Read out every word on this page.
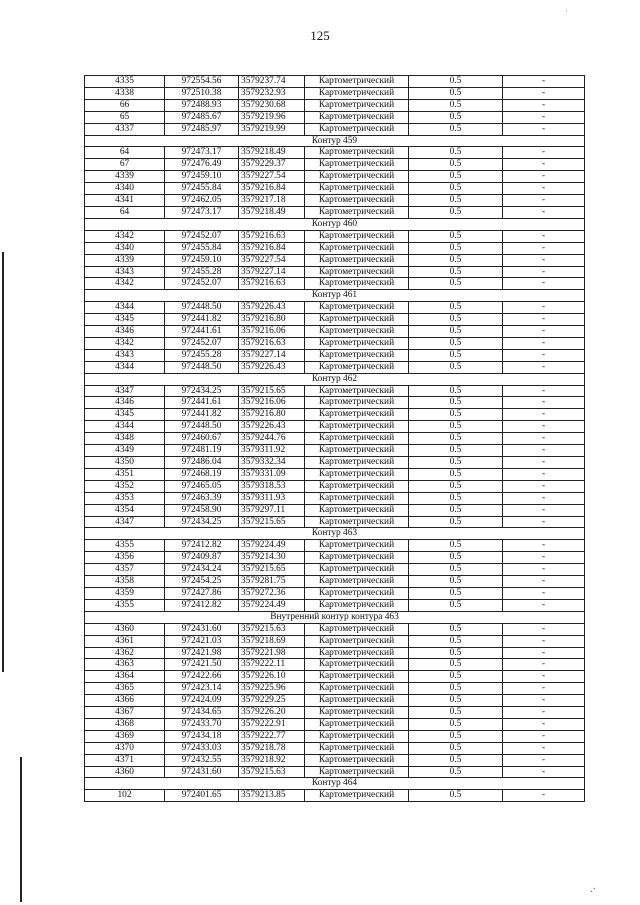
·
125
4335	972554.56	3579237.74	Картометрический	0.5	-
4338	972510.38	3579232.93	Картометрический	0.5	-
66	972488.93	3579230.68	Картометрический	0.5	-
65	972485.67	3579219.96	Картометрический	0.5	-
4337	972485.97	3579219.99	Картометрический	0.5	-
Контур 459					
64	972473.17	3579218.49	Картометрический	0.5	-
67	972476.49	3579229.37	Картометрический	0.5	-
4339	972459.10	3579227.54	Картометрический	0.5	-
4340	972455.84	3579216.84	Картометрический	0.5	-
4341	972462.05	3579217.18	Картометрический	0.5	-
64	972473.17	3579218.49	Картометрический	0.5	-
Контур 460					
4342	972452.07	3579216.63	Картометрический	0.5	-
4340	972455.84	3579216.84	Картометрический	0.5	-
4339	972459.10	3579227.54	Картометрический	0.5	-
4343	972455.28	3579227.14	Картометрический	0.5	-
4342	972452.07	3579216.63	Картометрический	0.5	-
Контур 461					
4344	972448.50	3579226.43	Картометрический	0.5	-
4345	972441.82	3579216.80	Картометрический	0.5	-
4346	972441.61	3579216.06	Картометрический	0.5	-
4342	972452.07	3579216.63	Картометрический	0.5	-
4343	972455.28	3579227.14	Картометрический	0.5	-
4344	972448.50	3579226.43	Картометрический	0.5	-
Контур 462					
4347	972434.25	3579215.65	Картометрический	0.5	-
4346	972441.61	3579216.06	Картометрический	0.5	-
4345	972441.82	3579216.80	Картометрический	0.5	-
4344	972448.50	3579226.43	Картометрический	0.5	-
4348	972460.67	3579244.76	Картометрический	0.5	-
4349	972481.19	3579311.92	Картометрический	0.5	-
4350	972486.04	3579332.34	Картометрический	0.5	-
4351	972468.19	3579331.09	Картометрический	0.5	-
4352	972465.05	3579318.53	Картометрический	0.5	-
4353	972463.39	3579311.93	Картометрический	0.5	-
4354	972458.90	3579297.11	Картометрический	0.5	-
4347	972434.25	3579215.65	Картометрический	0.5	-
Контур 463					
4355	972412.82	3579224.49	Картометрический	0.5	-
4356	972409.87	3579214.30	Картометрический	0.5	-
4357	972434.24	3579215.65	Картометрический	0.5	-
4358	972454.25	3579281.75	Картометрический	0.5	-
4359	972427.86	3579272.36	Картометрический	0.5	-
4355	972412.82	3579224.49	Картометрический	0.5	-
Внутренний контур контура 463					
4360	972431.60	3579215.63	Картометрический	0.5	-
4361	972421.03	3579218.69	Картометрический	0.5	-
4362	972421.98	3579221.98	Картометрический	0.5	-
4363	972421.50	3579222.11	Картометрический	0.5	-
4364	972422.66	3579226.10	Картометрический	0.5	-
4365	972423.14	3579225.96	Картометрический	0.5	-
4366	972424.09	3579229.25	Картометрический	0.5	-
4367	972434.65	3579226.20	Картометрический	0.5	-
4368	972433.70	3579222.91	Картометрический	0.5	-
4369	972434.18	3579222.77	Картометрический	0.5	-
4370	972433.03	3579218.78	Картометрический	0.5	-
4371	972432.55	3579218.92	Картометрический	0.5	-
4360	972431.60	3579215.63	Картометрический	0.5	-
Контур 464					
102	972401.65	3579213.85	Картометрический	0.5	-
.·
